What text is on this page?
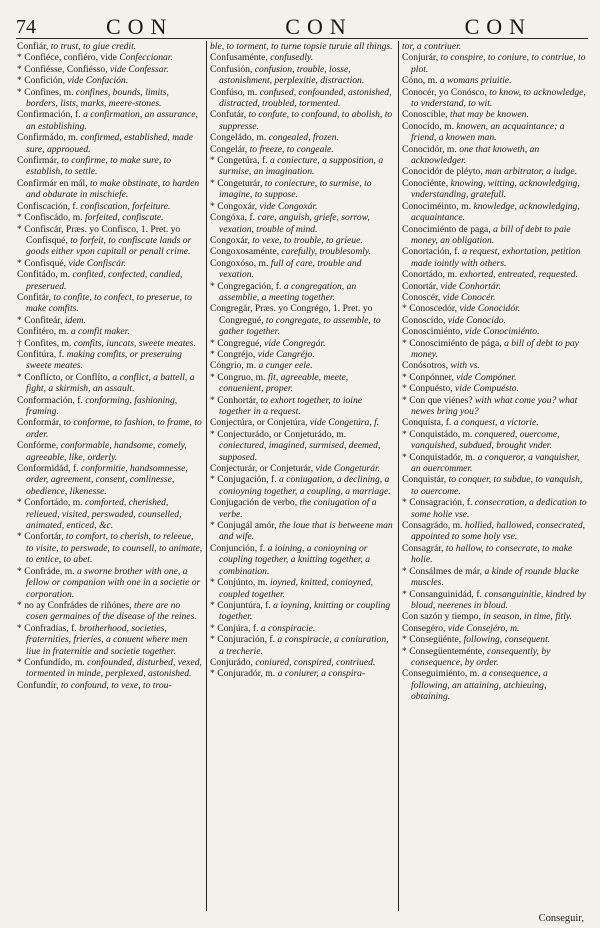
74	CON	CON	CON

Confiár, to trust, to giue credit.

* Confiéce, confiéro, vide Confeccionar.

* Confiésse, Confiésso, vide Confessar.

* Confición, vide Confación.

* Confines, m. confines, bounds, limits, borders, lists, marks, meere-stones.

Confirmación, f. a confirmation, an assurance, an establishing.

Confirmádo, m. confirmed, established, made sure, approoued.

Confirmár, to confirme, to make sure, to establish, to settle.

Confirmár en mál, to make obstinate, to harden and obdurate in mischiefe.

Confiscación, f. confiscation, forfeiture.

* Confiscádo, m. forfeited, confiscate.

* Confiscár, Præs. yo Confisco, 1. Pret. yo Confisqué, to forfeit, to confiscate lands or goods either vpon capitall or penall crime.

* Confisqué, vide Confiscár.

Confitádo, m. confited, confected, candied, preserued.

Confitár, to confite, to confect, to preserue, to make comfits.

* Confiteár, idem.

Confitéro, m. a comfit maker.

† Confites, m. comfits, iuncats, sweete meates.

Confitúra, f. making comfits, or preseruing sweete meates.

* Conflícto, or Conflíto, a conflict, a battell, a fight, a skirmish, an assault.

Conformación, f. conforming, fashioning, framing.

Conformár, to conforme, to fashion, to frame, to order.

Confórme, conformable, handsome, comely, agreeable, like, orderly.

Conformidád, f. conformitie, handsomnesse, order, agreement, consent, comlinesse, obedience, likenesse.

* Confortádo, m. comforted, cherished, relieued, visited, perswaded, counselled, animated, enticed, &c.

* Confortár, to comfort, to cherish, to releeue, to visite, to perswade, to counsell, to animate, to entice, to abet.

* Confráde, m. a sworne brother with one, a fellow or companion with one in a societie or corporation.

* no ay Confrádes de riñónes, there are no cosen germaines of the disease of the reines.

* Confradías, f. brotherhood, societies, fraternities, frieries, a conuent where men liue in fraternitie and societie together.

* Confundído, m. confounded, disturbed, vexed, tormented in minde, perplexed, astonished.

Confundír, to confound, to vexe, to trou-

ble, to torment, to turne topsie turuie all things.

Confusaménte, confusedly.

Confusión, confusion, trouble, losse, astonishment, perplexitie, distraction.

Confúso, m. confused, confounded, astonished, distracted, troubled, tormented.

Confutár, to confute, to confound, to abolish, to suppresse.

Congeládo, m. congealed, frozen.

Congelár, to freeze, to congeale.

* Congetúra, f. a coniecture, a supposition, a surmise, an imagination.

* Congeturár, to coniecture, to surmise, to imagine, to suppose.

* Congoxár, vide Congoxár.

Congóxa, f. care, anguish, griefe, sorrow, vexation, trouble of mind.

Congoxár, to vexe, to trouble, to grieue.

Congoxosaménte, carefully, troublesomly.

Congoxóso, m. full of care, trouble and vexation.

* Congregación, f. a congregation, an assemblie, a meeting together.

Congregár, Præs. yo Congrégo, 1. Pret. yo Congregué, to congregate, to assemble, to gather together.

* Congregué, vide Congregár.

* Congréjo, vide Cangréjo.

Cóngrio, m. a cunger eele.

* Congruo, m. fit, agreeable, meete, conuenient, proper.

* Conhortár, to exhort together, to ioine together in a request.

Conjectúra, or Conjetúra, vide Congetúra, f.

* Conjecturádo, or Conjeturádo, m. coniectured, imagined, surmised, deemed, supposed.

Conjecturár, or Conjeturár, vide Congeturár.

* Conjugación, f. a coniugation, a declining, a conioyning together, a coupling, a marriage.

Conjugación de verbo, the coniugation of a verbe.

* Conjugál amór, the loue that is betweene man and wife.

Conjunción, f. a ioining, a conioyning or coupling together, a knitting together, a combination.

* Conjúnto, m. ioyned, knitted, conioyned, coupled together.

* Conjuntúra, f. a ioyning, knitting or coupling together.

* Conjúra, f. a conspiracie.

* Conjuración, f. a conspiracie, a coniuration, a trecherie.

Conjurádo, coniured, conspired, contriued.

* Conjuradór, m. a coniurer, a conspira-

tor, a contriuer.

Conjurár, to conspire, to coniure, to contriue, to plot.

Cóno, m. a womans priuitie.

Conocér, yo Conósco, to know, to acknowledge, to vnderstand, to wit.

Conoscíble, that may be knowen.

Conocído, m. knowen, an acquaintance; a friend, a knowen man.

Conocidór, m. one that knoweth, an acknowledger.

Conocidór de pléyto, man arbitrator, a iudge.

Conociénte, knowing, witting, acknowledging, vnderstanding, gratefull.

Conociméinto, m. knowledge, acknowledging, acquaintance.

Conocimiénto de paga, a bill of debt to paie money, an obligation.

Conortación, f. a request, exhortation, petition made iointly with others.

Conortádo, m. exhorted, entreated, requested.

Conortár, vide Conhortár.

Conoscér, vide Conocér.

* Conoscedór, vide Conocidór.

Conoscído, vide Conocído.

Conoscimiénto, vide Conocimiénto.

* Conoscimiénto de pága, a bill of debt to pay money.

Conósotros, with vs.

* Conpónner, vide Compóner.

* Conpuésto, vide Compuésto.

* Con que viénes? with what come you? what newes bring you?

Conquísta, f. a conquest, a victorie.

* Conquistádo, m. conquered, ouercome, vanquished, subdued, brought vnder.

* Conquistadór, m. a conqueror, a vanquisher, an ouercommer.

Conquistár, to conquer, to subdue, to vanquish, to ouercome.

* Consagración, f. consecration, a dedication to some holie vse.

Consagrádo, m. hollied, hallowed, consecrated, appointed to some holy vse.

Consagrár, to hallow, to consecrate, to make holie.

* Consálmes de már, a kinde of rounde blacke muscles.

* Consanguinidád, f. consanguinitie, kindred by bloud, neerenes in bloud.

Con sazón y tiempo, in season, in time, fitly.

Consegéro, vide Consejéro, m.

* Consegüénte, following, consequent.

* Consegüenteménte, consequently, by consequence, by order.

Conseguimiénto, m. a consequence, a following, an attaining, atchieuing, obtaining.

Conseguir,
